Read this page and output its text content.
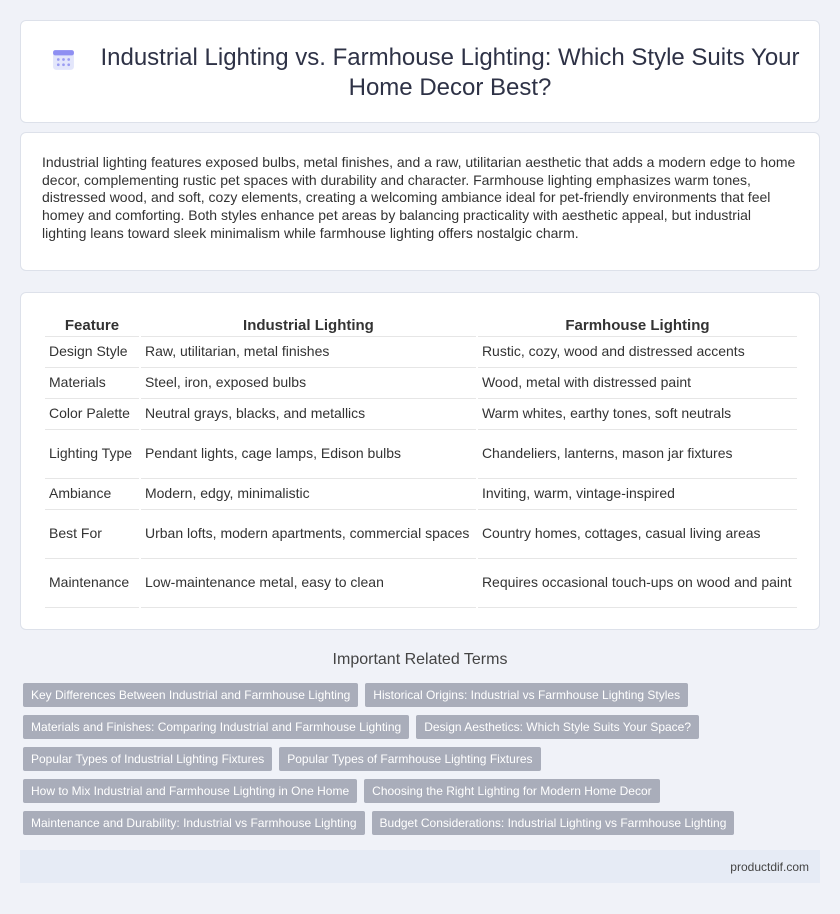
Industrial Lighting vs. Farmhouse Lighting: Which Style Suits Your Home Decor Best?

Industrial lighting features exposed bulbs, metal finishes, and a raw, utilitarian aesthetic that adds a modern edge to home decor, complementing rustic pet spaces with durability and character. Farmhouse lighting emphasizes warm tones, distressed wood, and soft, cozy elements, creating a welcoming ambiance ideal for pet-friendly environments that feel homey and comforting. Both styles enhance pet areas by balancing practicality with aesthetic appeal, but industrial lighting leans toward sleek minimalism while farmhouse lighting offers nostalgic charm.

Feature	Industrial Lighting	Farmhouse Lighting
Design Style	Raw, utilitarian, metal finishes	Rustic, cozy, wood and distressed accents
Materials	Steel, iron, exposed bulbs	Wood, metal with distressed paint
Color Palette	Neutral grays, blacks, and metallics	Warm whites, earthy tones, soft neutrals
Lighting Type	Pendant lights, cage lamps, Edison bulbs	Chandeliers, lanterns, mason jar fixtures
Ambiance	Modern, edgy, minimalistic	Inviting, warm, vintage-inspired
Best For	Urban lofts, modern apartments, commercial spaces	Country homes, cottages, casual living areas
Maintenance	Low-maintenance metal, easy to clean	Requires occasional touch-ups on wood and paint
Important Related Terms
Key Differences Between Industrial and Farmhouse Lighting	Historical Origins: Industrial vs Farmhouse Lighting Styles
Materials and Finishes: Comparing Industrial and Farmhouse Lighting	Design Aesthetics: Which Style Suits Your Space?
Popular Types of Industrial Lighting Fixtures	Popular Types of Farmhouse Lighting Fixtures
How to Mix Industrial and Farmhouse Lighting in One Home	Choosing the Right Lighting for Modern Home Decor
Maintenance and Durability: Industrial vs Farmhouse Lighting	Budget Considerations: Industrial Lighting vs Farmhouse Lighting
productdif.com
